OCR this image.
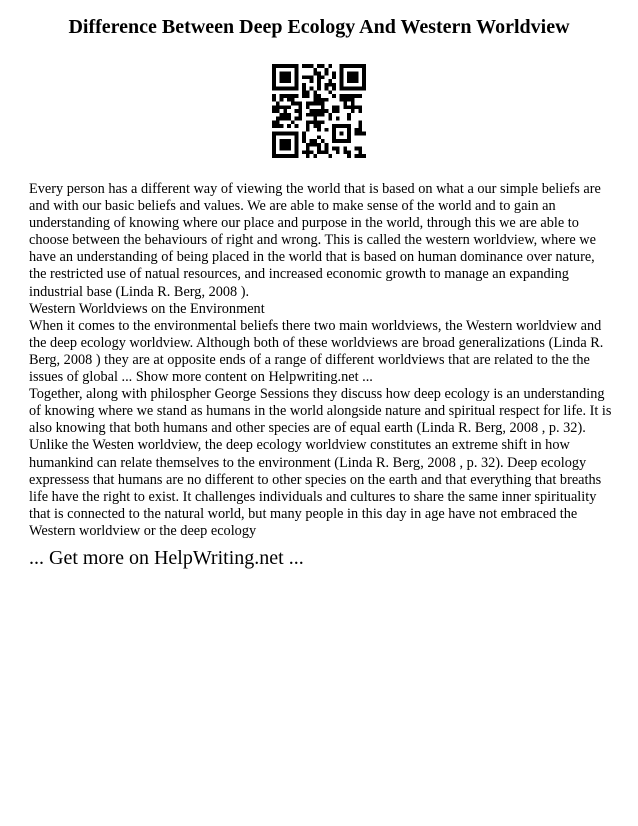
Difference Between Deep Ecology And Western Worldview

Every person has a different way of viewing the world that is based on what a our simple beliefs are and with our basic beliefs and values. We are able to make sense of the world and to gain an understanding of knowing where our place and purpose in the world, through this we are able to choose between the behaviours of right and wrong. This is called the western worldview, where we have an understanding of being placed in the world that is based on human dominance over nature, the restricted use of natual resources, and increased economic growth to manage an expanding industrial base (Linda R. Berg, 2008 ).

Western Worldviews on the Environment

When it comes to the environmental beliefs there two main worldviews, the Western worldview and the deep ecology worldview. Although both of these worldviews are broad generalizations (Linda R. Berg, 2008 ) they are at opposite ends of a range of different worldviews that are related to the the issues of global ... Show more content on Helpwriting.net ...

Together, along with philospher George Sessions they discuss how deep ecology is an understanding of knowing where we stand as humans in the world alongside nature and spiritual respect for life. It is also knowing that both humans and other species are of equal earth (Linda R. Berg, 2008 , p. 32). Unlike the Westen worldview, the deep ecology worldview constitutes an extreme shift in how humankind can relate themselves to the environment (Linda R. Berg, 2008 , p. 32). Deep ecology expressess that humans are no different to other species on the earth and that everything that breaths life have the right to exist. It challenges individuals and cultures to share the same inner spirituality that is connected to the natural world, but many people in this day in age have not embraced the Western worldview or the deep ecology

... Get more on HelpWriting.net ...
